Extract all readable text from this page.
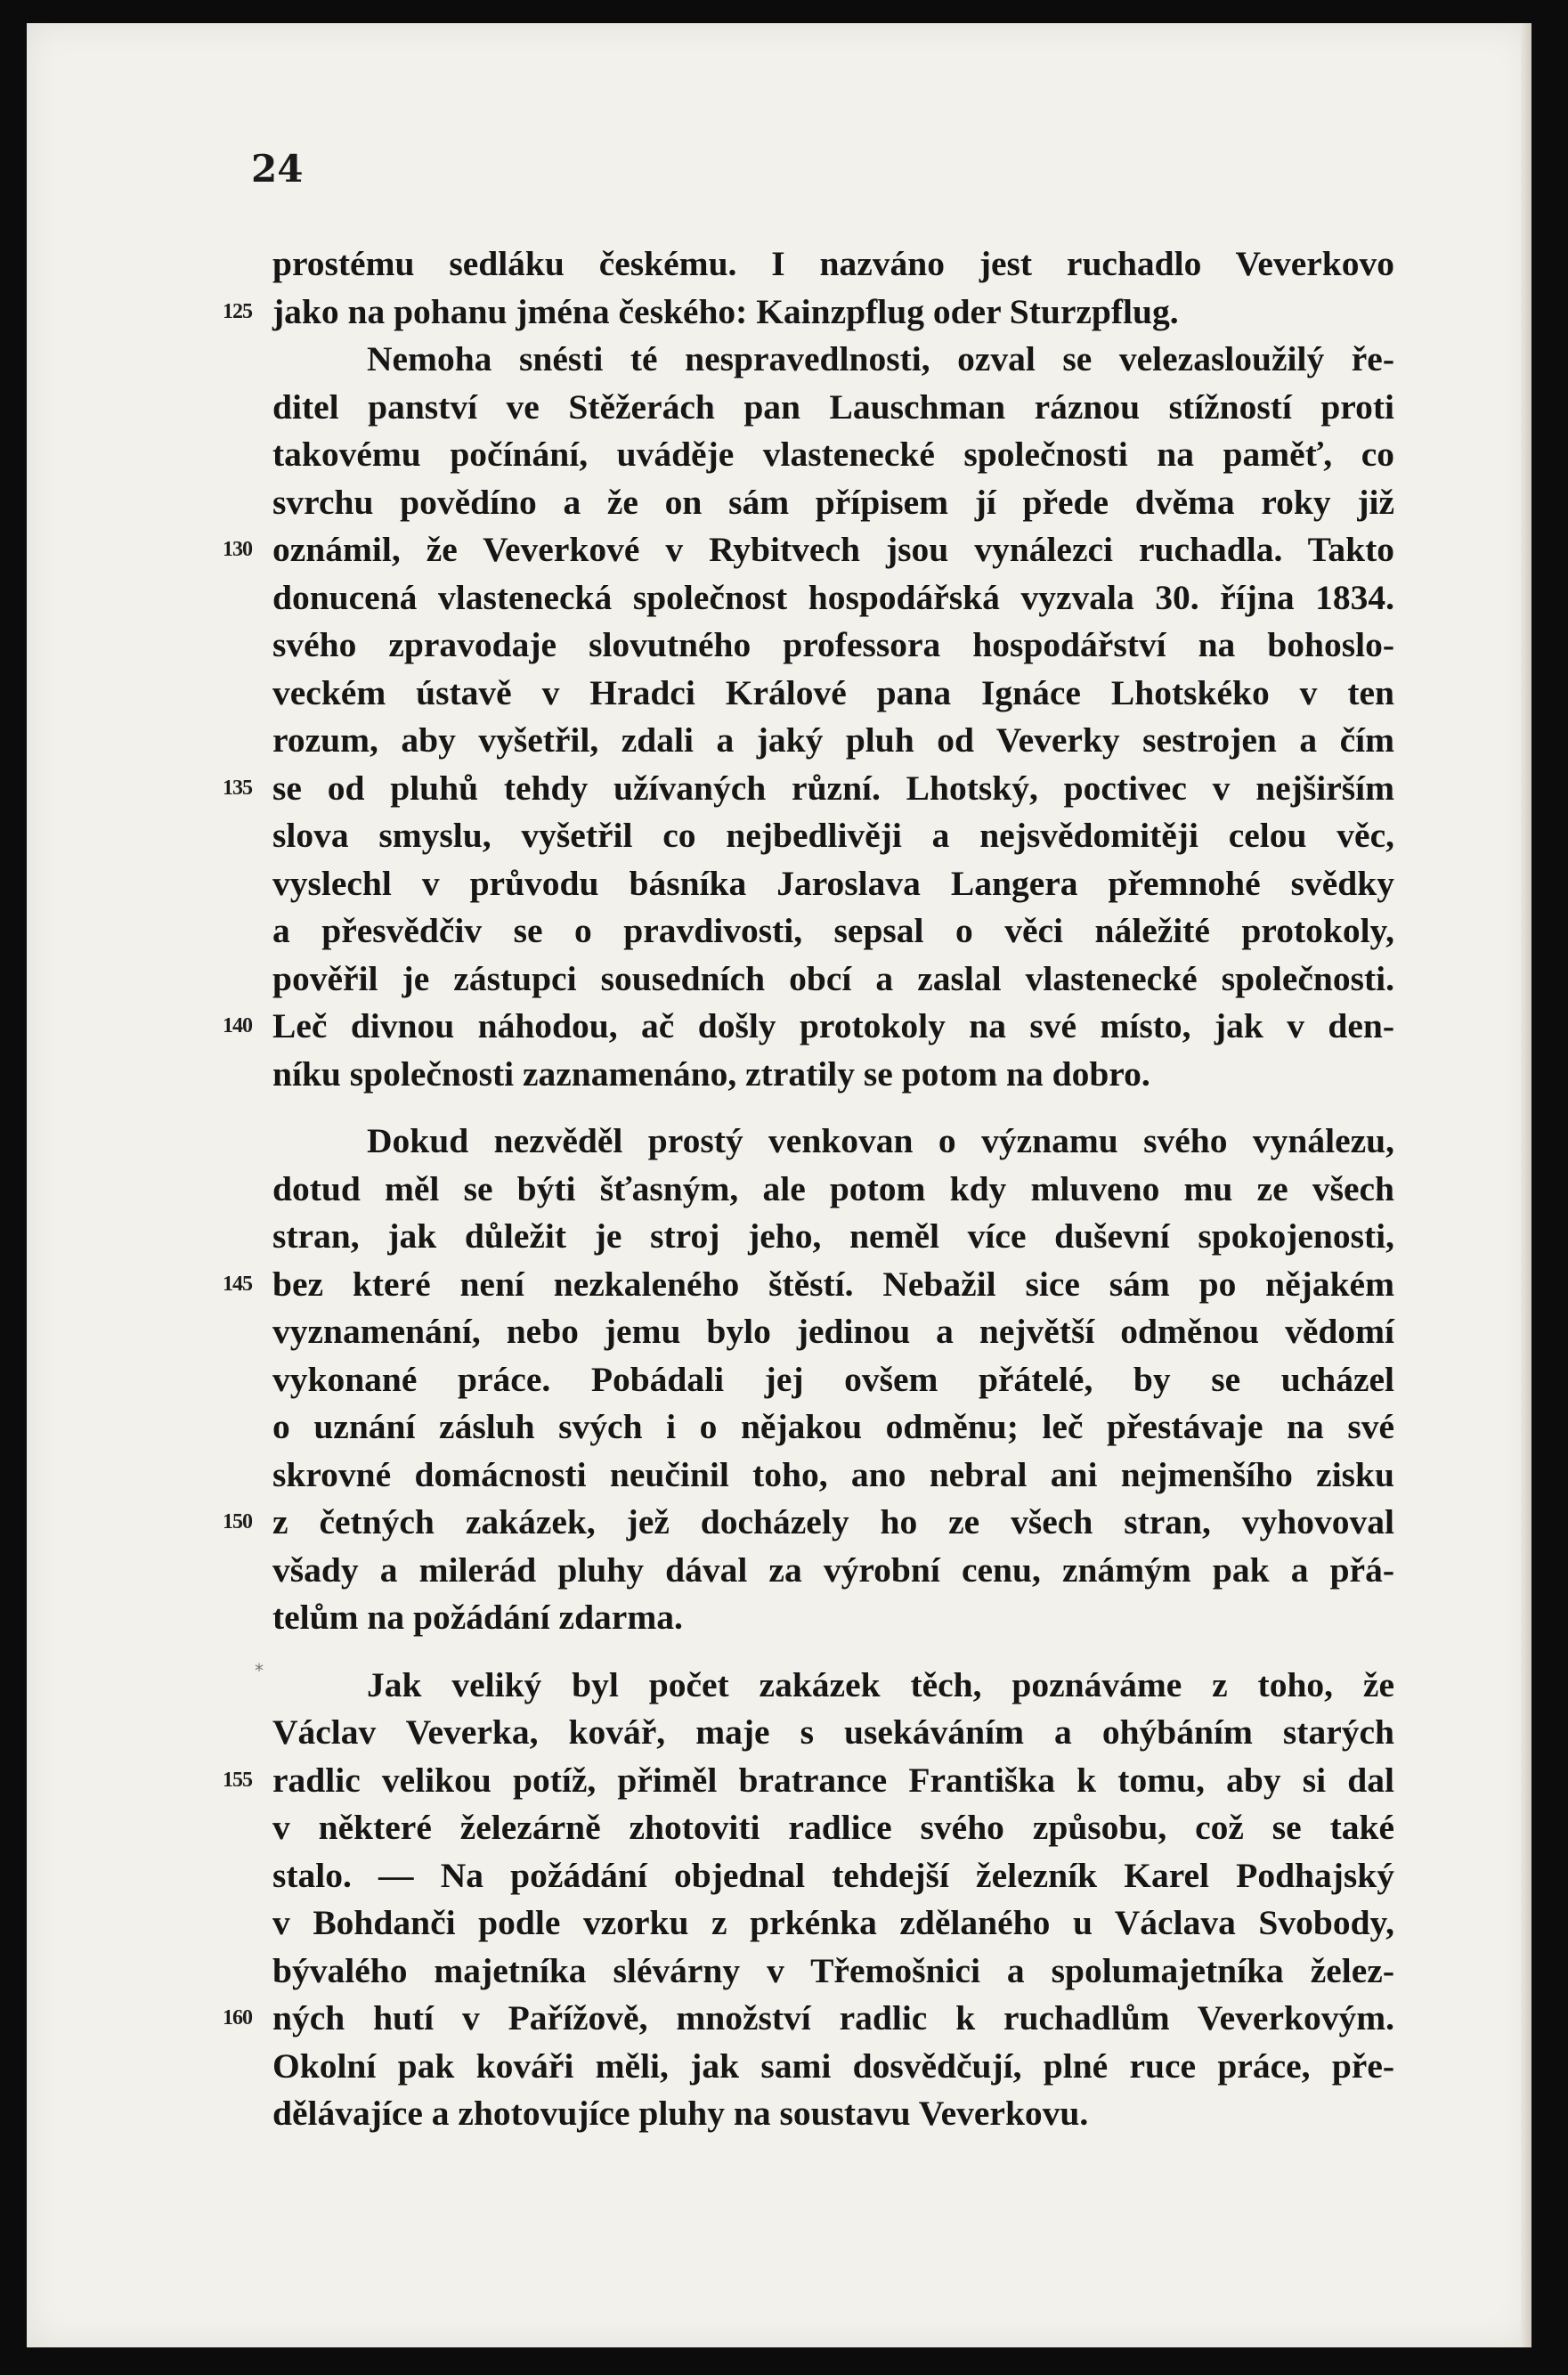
24
*
prostému sedláku českému. I nazváno jest ruchadlo Veverkovo
125 jako na pohanu jména českého: Kainzpflug oder Sturzpflug.
Nemoha snésti té nespravedlnosti, ozval se velezasloužilý ře-
ditel panství ve Stěžerách pan Lauschman ráznou stížností proti
takovému počínání, uváděje vlastenecké společnosti na paměť, co
svrchu povědíno a že on sám přípisem jí přede dvěma roky již
130 oznámil, že Veverkové v Rybitvech jsou vynálezci ruchadla. Takto
donucená vlastenecká společnost hospodářská vyzvala 30. října 1834.
svého zpravodaje slovutného professora hospodářství na bohoslo-
veckém ústavě v Hradci Králové pana Ignáce Lhotskéko v ten
rozum, aby vyšetřil, zdali a jaký pluh od Veverky sestrojen a čím
135 se od pluhů tehdy užívaných různí. Lhotský, poctivec v nejširším
slova smyslu, vyšetřil co nejbedlivěji a nejsvědomitěji celou věc,
vyslechl v průvodu básníka Jaroslava Langera přemnohé svědky
a přesvědčiv se o pravdivosti, sepsal o věci náležité protokoly,
pověřil je zástupci sousedních obcí a zaslal vlastenecké společnosti.
140 Leč divnou náhodou, ač došly protokoly na své místo, jak v den-
níku společnosti zaznamenáno, ztratily se potom na dobro.
Dokud nezvěděl prostý venkovan o významu svého vynálezu,
dotud měl se býti šťasným, ale potom kdy mluveno mu ze všech
stran, jak důležit je stroj jeho, neměl více duševní spokojenosti,
145 bez které není nezkaleného štěstí. Nebažil sice sám po nějakém
vyznamenání, nebo jemu bylo jedinou a největší odměnou vědomí
vykonané práce. Pobádali jej ovšem přátelé, by se ucházel
o uznání zásluh svých i o nějakou odměnu; leč přestávaje na své
skrovné domácnosti neučinil toho, ano nebral ani nejmenšího zisku
150 z četných zakázek, jež docházely ho ze všech stran, vyhovoval
všady a milerád pluhy dával za výrobní cenu, známým pak a přá-
telům na požádání zdarma.
Jak veliký byl počet zakázek těch, poznáváme z toho, že
Václav Veverka, kovář, maje s usekáváním a ohýbáním starých
155 radlic velikou potíž, přiměl bratrance Františka k tomu, aby si dal
v některé železárně zhotoviti radlice svého způsobu, což se také
stalo. — Na požádání objednal tehdejší železník Karel Podhajský
v Bohdanči podle vzorku z prkénka zdělaného u Václava Svobody,
bývalého majetníka slévárny v Třemošnici a spolumajetníka želez-
160 ných hutí v Pařížově, množství radlic k ruchadlům Veverkovým.
Okolní pak kováři měli, jak sami dosvědčují, plné ruce práce, pře-
dělávajíce a zhotovujíce pluhy na soustavu Veverkovu.
